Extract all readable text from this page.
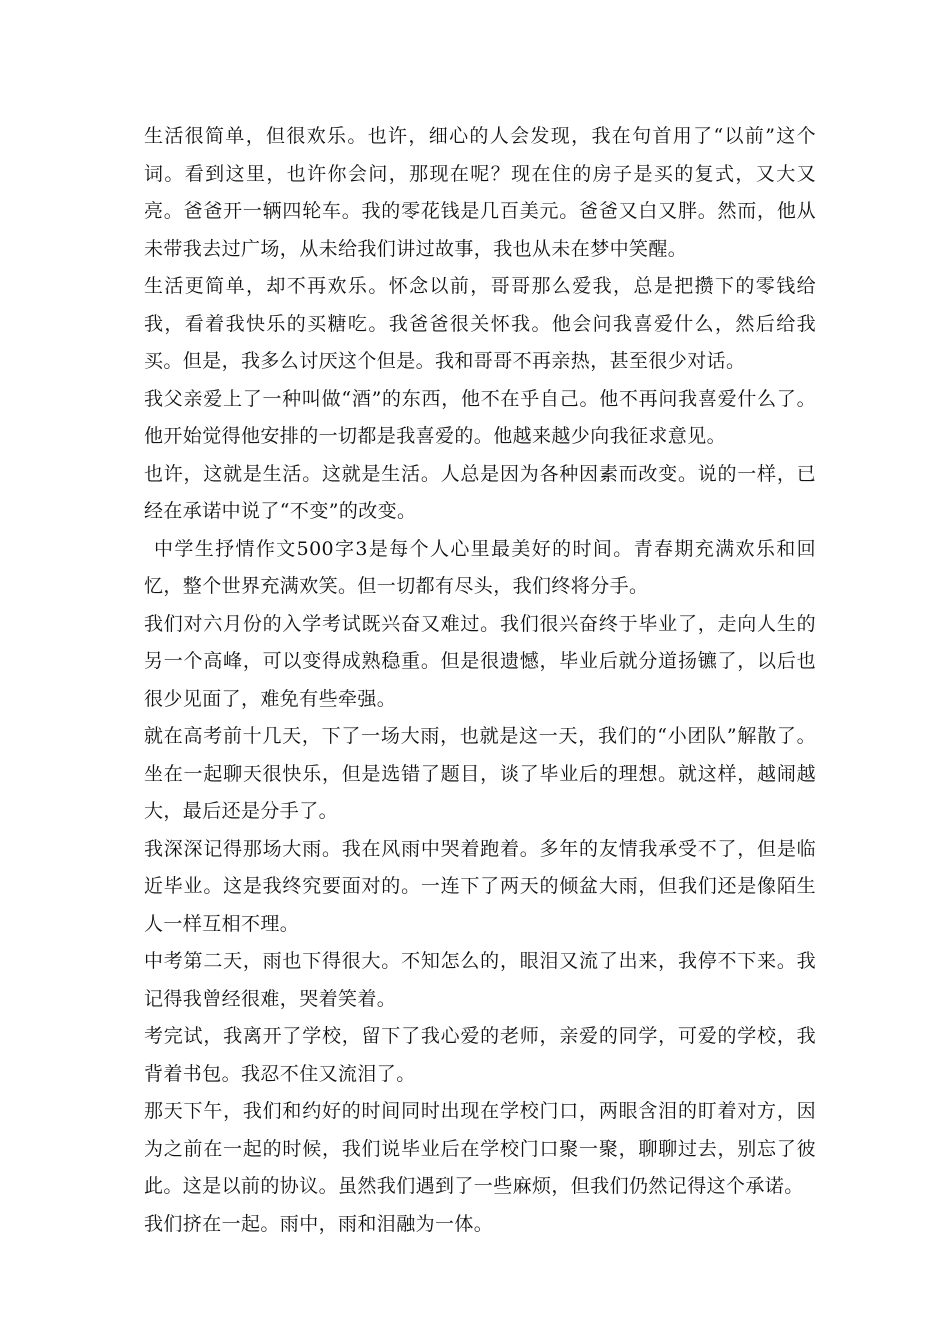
生活很简单，但很欢乐。也许，细心的人会发现，我在句首用了“以前”这个词。看到这里，也许你会问，那现在呢？现在住的房子是买的复式，又大又亮。爸爸开一辆四轮车。我的零花钱是几百美元。爸爸又白又胖。然而，他从未带我去过广场，从未给我们讲过故事，我也从未在梦中笑醒。

生活更简单，却不再欢乐。怀念以前，哥哥那么爱我，总是把攒下的零钱给我，看着我快乐的买糖吃。我爸爸很关怀我。他会问我喜爱什么，然后给我买。但是，我多么讨厌这个但是。我和哥哥不再亲热，甚至很少对话。

我父亲爱上了一种叫做“酒”的东西，他不在乎自己。他不再问我喜爱什么了。他开始觉得他安排的一切都是我喜爱的。他越来越少向我征求意见。

也许，这就是生活。这就是生活。人总是因为各种因素而改变。说的一样，已经在承诺中说了“不变”的改变。

中学生抒情作文500字3是每个人心里最美好的时间。青春期充满欢乐和回忆，整个世界充满欢笑。但一切都有尽头，我们终将分手。

我们对六月份的入学考试既兴奋又难过。我们很兴奋终于毕业了，走向人生的另一个高峰，可以变得成熟稳重。但是很遗憾，毕业后就分道扬镳了，以后也很少见面了，难免有些牵强。

就在高考前十几天，下了一场大雨，也就是这一天，我们的“小团队”解散了。坐在一起聊天很快乐，但是选错了题目，谈了毕业后的理想。就这样，越闹越大，最后还是分手了。

我深深记得那场大雨。我在风雨中哭着跑着。多年的友情我承受不了，但是临近毕业。这是我终究要面对的。一连下了两天的倾盆大雨，但我们还是像陌生人一样互相不理。

中考第二天，雨也下得很大。不知怎么的，眼泪又流了出来，我停不下来。我记得我曾经很难，哭着笑着。

考完试，我离开了学校，留下了我心爱的老师，亲爱的同学，可爱的学校，我背着书包。我忍不住又流泪了。

那天下午，我们和约好的时间同时出现在学校门口，两眼含泪的盯着对方，因为之前在一起的时候，我们说毕业后在学校门口聚一聚，聊聊过去，别忘了彼此。这是以前的协议。虽然我们遇到了一些麻烦，但我们仍然记得这个承诺。

我们挤在一起。雨中，雨和泪融为一体。
